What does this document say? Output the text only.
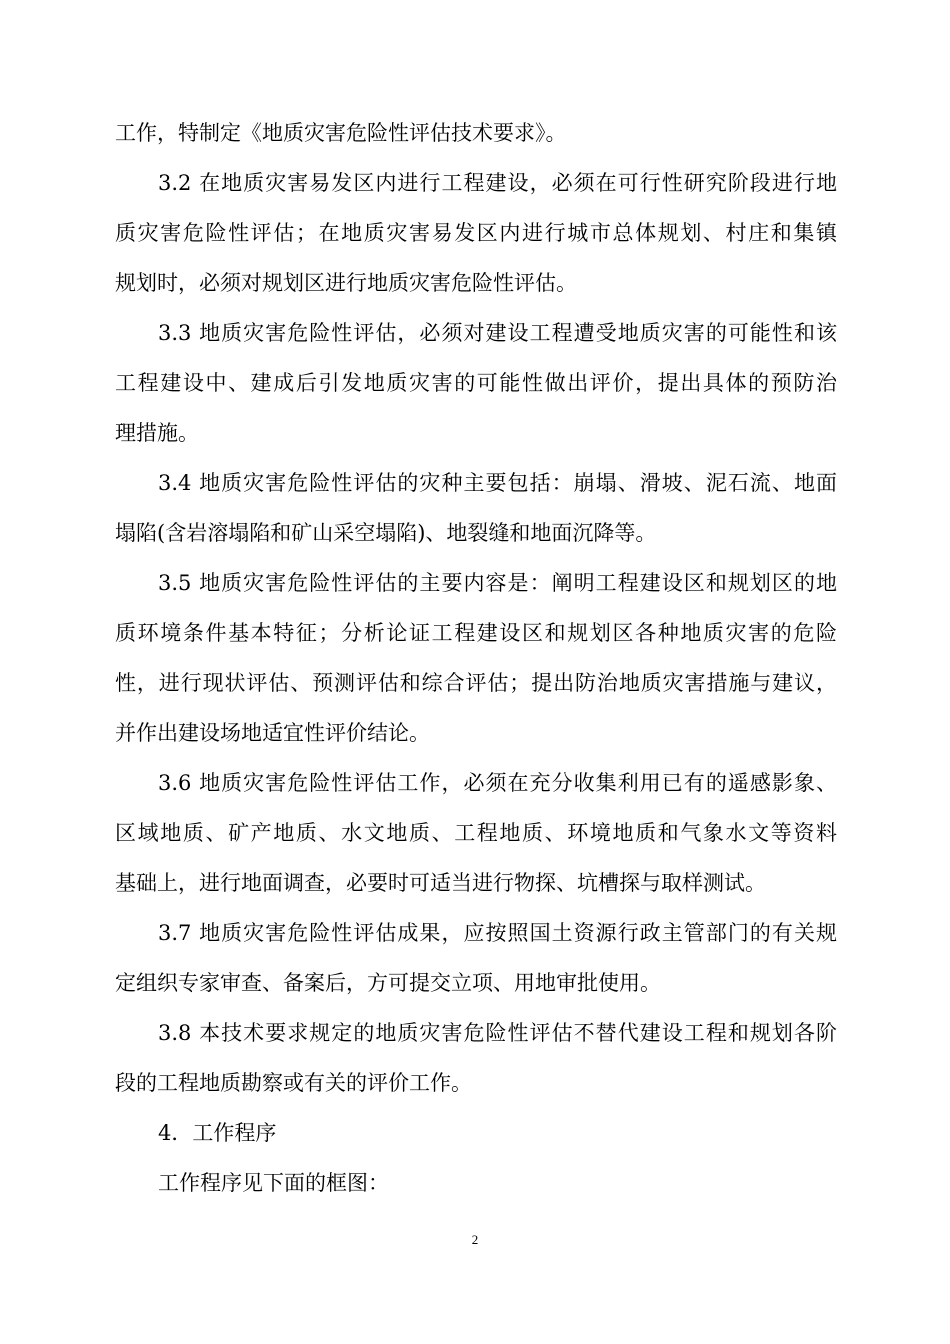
工作，特制定《地质灾害危险性评估技术要求》。
3.2 在地质灾害易发区内进行工程建设，必须在可行性研究阶段进行地
质灾害危险性评估；在地质灾害易发区内进行城市总体规划、村庄和集镇
规划时，必须对规划区进行地质灾害危险性评估。
3.3 地质灾害危险性评估，必须对建设工程遭受地质灾害的可能性和该
工程建设中、建成后引发地质灾害的可能性做出评价，提出具体的预防治
理措施。
3.4 地质灾害危险性评估的灾种主要包括：崩塌、滑坡、泥石流、地面
塌陷(含岩溶塌陷和矿山采空塌陷)、地裂缝和地面沉降等。
3.5 地质灾害危险性评估的主要内容是：阐明工程建设区和规划区的地
质环境条件基本特征；分析论证工程建设区和规划区各种地质灾害的危险
性，进行现状评估、预测评估和综合评估；提出防治地质灾害措施与建议，
并作出建设场地适宜性评价结论。
3.6 地质灾害危险性评估工作，必须在充分收集利用已有的遥感影象、
区域地质、矿产地质、水文地质、工程地质、环境地质和气象水文等资料
基础上，进行地面调查，必要时可适当进行物探、坑槽探与取样测试。
3.7 地质灾害危险性评估成果，应按照国土资源行政主管部门的有关规
定组织专家审查、备案后，方可提交立项、用地审批使用。
3.8 本技术要求规定的地质灾害危险性评估不替代建设工程和规划各阶
段的工程地质勘察或有关的评价工作。
4．工作程序
工作程序见下面的框图：
2
